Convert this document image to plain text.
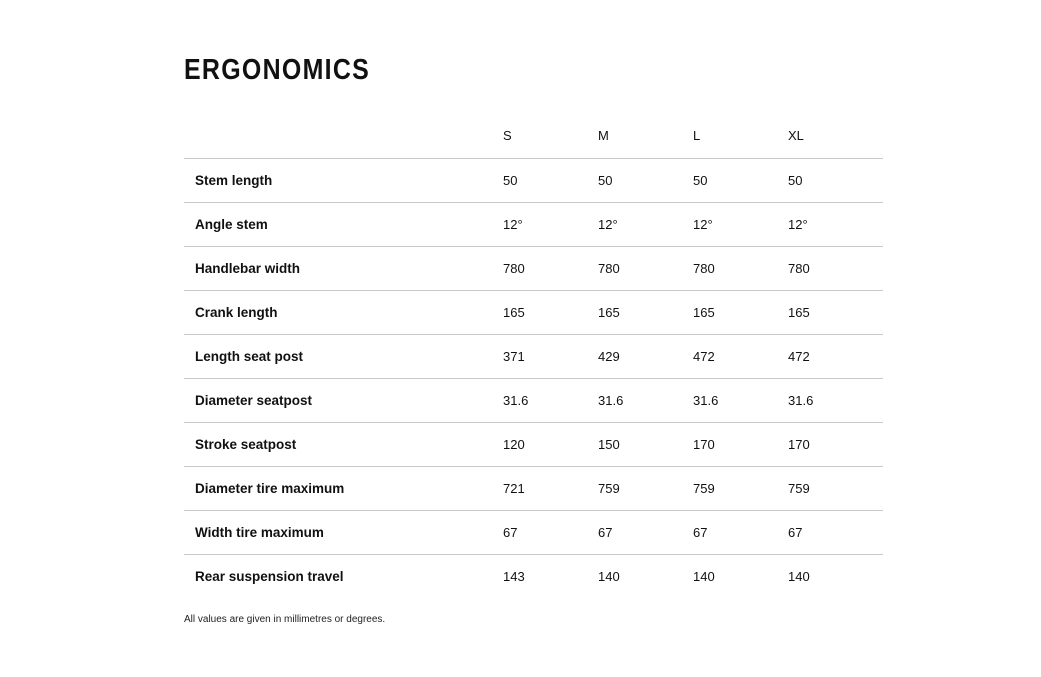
ERGONOMICS
	S	M	L	XL
Stem length	50	50	50	50
Angle stem	12°	12°	12°	12°
Handlebar width	780	780	780	780
Crank length	165	165	165	165
Length seat post	371	429	472	472
Diameter seatpost	31.6	31.6	31.6	31.6
Stroke seatpost	120	150	170	170
Diameter tire maximum	721	759	759	759
Width tire maximum	67	67	67	67
Rear suspension travel	143	140	140	140
All values are given in millimetres or degrees.
